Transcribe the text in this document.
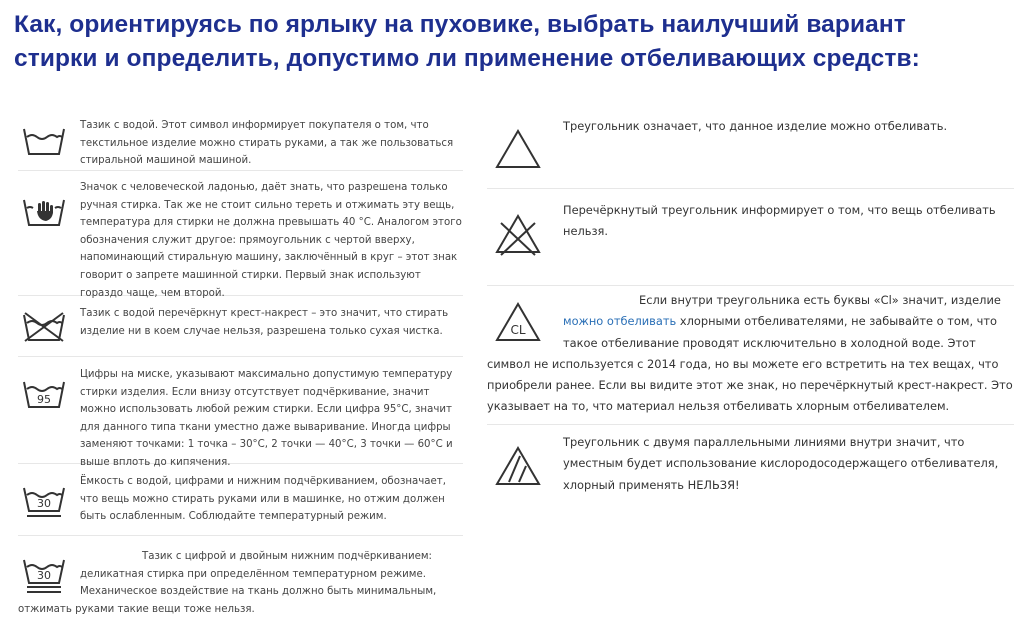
Как, ориентируясь по ярлыку на пуховике, выбрать наилучший вариант
стирки и определить, допустимо ли применение отбеливающих средств:

Тазик с водой. Этот символ информирует покупателя о том, что текстильное изделие можно стирать руками, а так же пользоваться стиральной машиной машиной.

Значок с человеческой ладонью, даёт знать, что разрешена только ручная стирка. Так же не стоит сильно тереть и отжимать эту вещь, температура для стирки не должна превышать 40 °С. Аналогом этого обозначения служит другое: прямоугольник с чертой вверху, напоминающий стиральную машину, заключённый в круг – этот знак говорит о запрете машинной стирки. Первый знак используют гораздо чаще, чем второй.

Тазик с водой перечёркнут крест-накрест – это значит, что стирать изделие ни в коем случае нельзя, разрешена только сухая чистка.

95

Цифры на миске, указывают максимально допустимую температуру стирки изделия. Если внизу отсутствует подчёркивание, значит можно использовать любой режим стирки. Если цифра 95°С, значит для данного типа ткани уместно даже вываривание. Иногда цифры заменяют точками: 1 точка – 30°С, 2 точки — 40°С, 3 точки — 60°С и выше вплоть до кипячения.

30

Ёмкость с водой, цифрами и нижним подчёркиванием, обозначает, что вещь можно стирать руками или в машинке, но отжим должен быть ослабленным. Соблюдайте температурный режим.

30

Тазик с цифрой и двойным нижним подчёркиванием: деликатная стирка при определённом температурном режиме. Механическое воздействие на ткань должно быть минимальным, отжимать руками такие вещи тоже нельзя.

Треугольник означает, что данное изделие можно отбеливать.

Перечёркнутый треугольник информирует о том, что вещь отбеливать нельзя.

CL

Если внутри треугольника есть буквы «Cl» значит, изделие можно отбеливать хлорными отбеливателями, не забывайте о том, что такое отбеливание проводят исключительно в холодной воде. Этот символ не используется с 2014 года, но вы можете его встретить на тех вещах, что приобрели ранее. Если вы видите этот же знак, но перечёркнутый крест-накрест. Это указывает на то, что материал нельзя отбеливать хлорным отбеливателем.

Треугольник с двумя параллельными линиями внутри значит, что уместным будет использование кислородосодержащего отбеливателя, хлорный применять НЕЛЬЗЯ!
